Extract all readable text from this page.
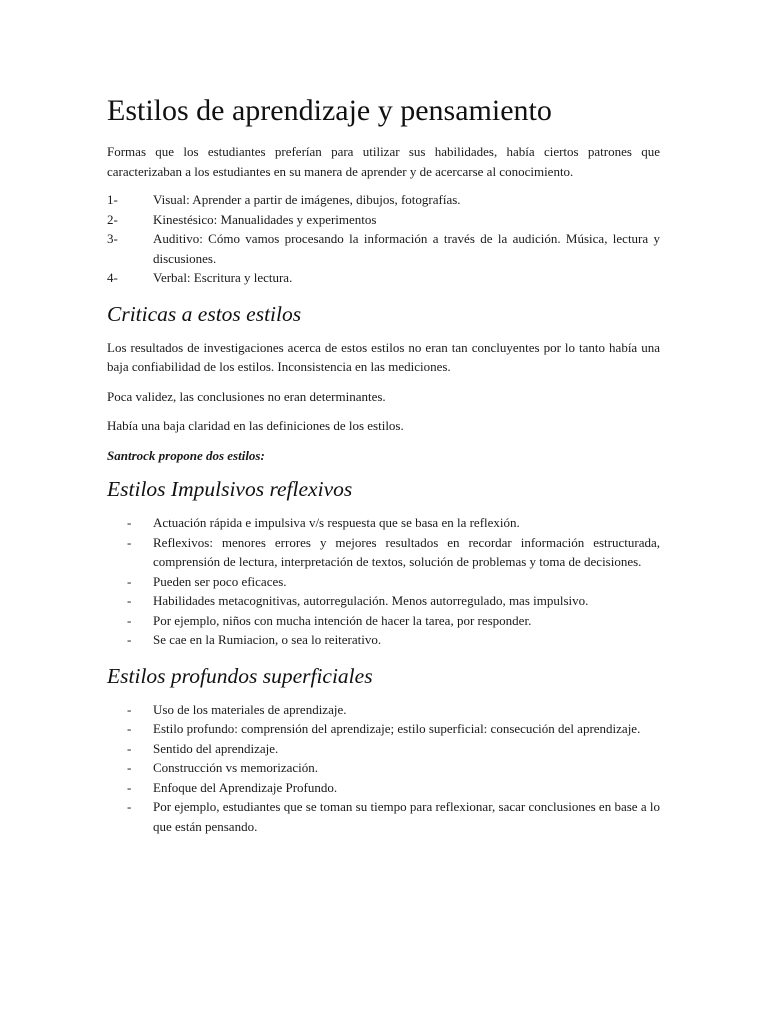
Estilos de aprendizaje y pensamiento

Formas que los estudiantes preferían para utilizar sus habilidades, había ciertos patrones que caracterizaban a los estudiantes en su manera de aprender y de acercarse al conocimiento.

1-	Visual: Aprender a partir de imágenes, dibujos, fotografías.
2-	Kinestésico: Manualidades y experimentos
3-	Auditivo: Cómo vamos procesando la información a través de la audición. Música, lectura y discusiones.
4-	Verbal: Escritura y lectura.
Criticas a estos estilos

Los resultados de investigaciones acerca de estos estilos no eran tan concluyentes por lo tanto había una baja confiabilidad de los estilos. Inconsistencia en las mediciones.

Poca validez, las conclusiones no eran determinantes.

Había una baja claridad en las definiciones de los estilos.

Santrock propone dos estilos:
Estilos Impulsivos reflexivos
- Actuación rápida e impulsiva v/s respuesta que se basa en la reflexión.
- Reflexivos: menores errores y mejores resultados en recordar información estructurada, comprensión de lectura, interpretación de textos, solución de problemas y toma de decisiones.
- Pueden ser poco eficaces.
- Habilidades metacognitivas, autorregulación. Menos autorregulado, mas impulsivo.
- Por ejemplo, niños con mucha intención de hacer la tarea, por responder.
- Se cae en la Rumiacion, o sea lo reiterativo.
Estilos profundos superficiales
- Uso de los materiales de aprendizaje.
- Estilo profundo: comprensión del aprendizaje; estilo superficial: consecución del aprendizaje.
- Sentido del aprendizaje.
- Construcción vs memorización.
- Enfoque del Aprendizaje Profundo.
- Por ejemplo, estudiantes que se toman su tiempo para reflexionar, sacar conclusiones en base a lo que están pensando.
